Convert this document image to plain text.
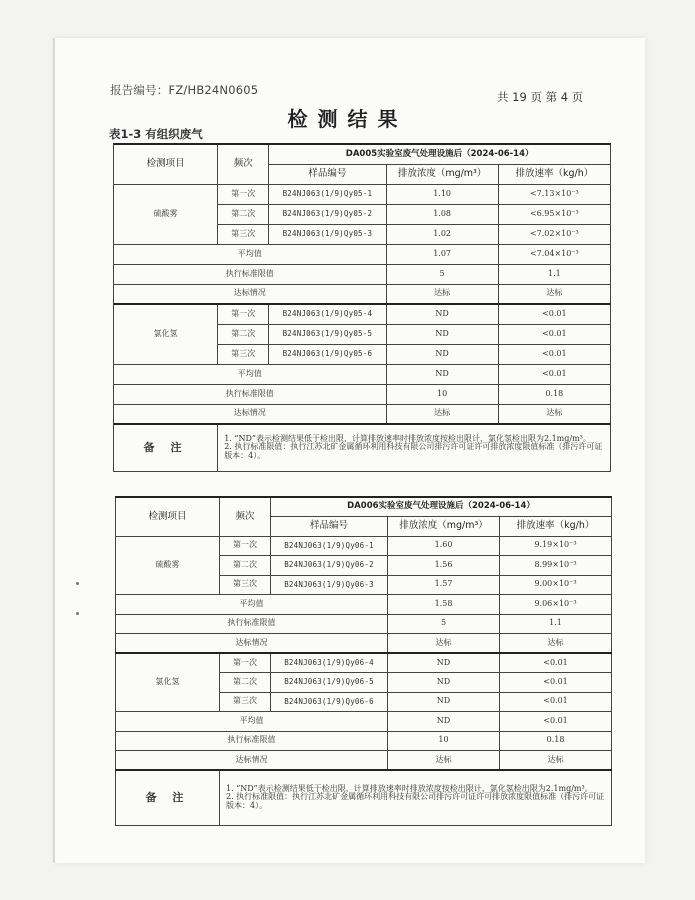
报告编号：FZ/HB24N0605	共 19 页 第 4 页
检测结果
表1-3 有组织废气
检测项目	频次	DA005实验室废气处理设施后（2024-06-14）		
		样品编号	排放浓度（mg/m³）	排放速率（kg/h）
硫酸雾	第一次	B24NJ063(1/9)Qy05-1	1.10	<7.13×10⁻³
	第二次	B24NJ063(1/9)Qy05-2	1.08	<6.95×10⁻³
	第三次	B24NJ063(1/9)Qy05-3	1.02	<7.02×10⁻³
平均值			1.07	<7.04×10⁻³
执行标准限值			5	1.1
达标情况			达标	达标
氯化氢	第一次	B24NJ063(1/9)Qy05-4	ND	<0.01
	第二次	B24NJ063(1/9)Qy05-5	ND	<0.01
	第三次	B24NJ063(1/9)Qy05-6	ND	<0.01
平均值			ND	<0.01
执行标准限值			10	0.18
达标情况			达标	达标
备 注	1. “ND”表示检测结果低于检出限，计算排放速率时排放浓度按检出限计，氯化氢检出限为2.1mg/m³。

2. 执行标准限值：执行江苏北矿金属循环利用科技有限公司排污许可证许可排放浓度限值标准（排污许可证版本：4）。			

检测项目	频次	DA006实验室废气处理设施后（2024-06-14）		
		样品编号	排放浓度（mg/m³）	排放速率（kg/h）
硫酸雾	第一次	B24NJ063(1/9)Qy06-1	1.60	9.19×10⁻³
	第二次	B24NJ063(1/9)Qy06-2	1.56	8.99×10⁻³
	第三次	B24NJ063(1/9)Qy06-3	1.57	9.00×10⁻³
平均值			1.58	9.06×10⁻³
执行标准限值			5	1.1
达标情况			达标	达标
氯化氢	第一次	B24NJ063(1/9)Qy06-4	ND	<0.01
	第二次	B24NJ063(1/9)Qy06-5	ND	<0.01
	第三次	B24NJ063(1/9)Qy06-6	ND	<0.01
平均值			ND	<0.01
执行标准限值			10	0.18
达标情况			达标	达标
备 注	1. “ND”表示检测结果低于检出限，计算排放速率时排放浓度按检出限计，氯化氢检出限为2.1mg/m³。

2. 执行标准限值：执行江苏北矿金属循环利用科技有限公司排污许可证许可排放浓度限值标准（排污许可证版本：4）。			
